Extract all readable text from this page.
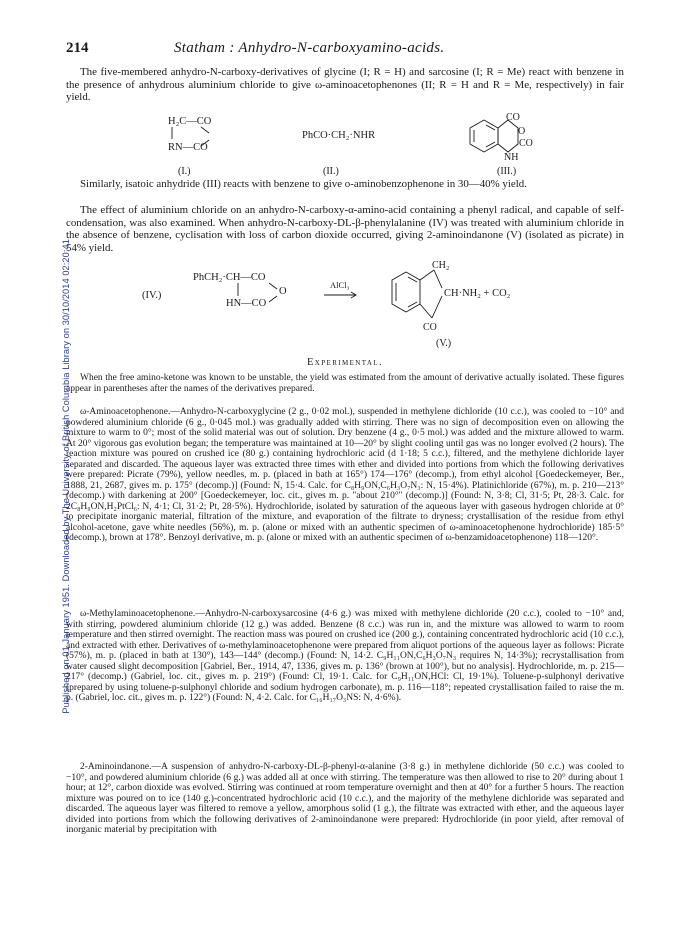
Published on 01 January 1951. Downloaded by The University of British Columbia Library on 30/10/2014 02:20:41.
214	Statham : Anhydro-N-carboxyamino-acids.

The five-membered anhydro-N-carboxy-derivatives of glycine (I; R = H) and sarcosine (I; R = Me) react with benzene in the presence of anhydrous aluminium chloride to give ω-aminoacetophenones (II; R = H and R = Me, respectively) in fair yield.

H₂C—CO
RN—CO
(I.)
PhCO·CH₂·NHR
(II.)
CO
O
CO
NH
(III.)

Similarly, isatoic anhydride (III) reacts with benzene to give o-aminobenzophenone in 30—40% yield.

The effect of aluminium chloride on an anhydro-N-carboxy-α-amino-acid containing a phenyl radical, and capable of self-condensation, was also examined. When anhydro-N-carboxy-DL-β-phenylalanine (IV) was treated with aluminium chloride in the absence of benzene, cyclisation with loss of carbon dioxide occurred, giving 2-aminoindanone (V) (isolated as picrate) in 54% yield.

(IV.)
PhCH₂·CH—CO
O
HN—CO
AlCl₃
CH₂
CH·NH₂ + CO₂
CO
(V.)
Experimental.

When the free amino-ketone was known to be unstable, the yield was estimated from the amount of derivative actually isolated. These figures appear in parentheses after the names of the derivatives prepared.

ω-Aminoacetophenone.—Anhydro-N-carboxyglycine (2 g., 0·02 mol.), suspended in methylene dichloride (10 c.c.), was cooled to −10° and powdered aluminium chloride (6 g., 0·045 mol.) was gradually added with stirring. There was no sign of decomposition even on allowing the mixture to warm to 0°; most of the solid material was out of solution. Dry benzene (4 g., 0·5 mol.) was added and the mixture allowed to warm. At 20° vigorous gas evolution began; the temperature was maintained at 10—20° by slight cooling until gas was no longer evolved (2 hours). The reaction mixture was poured on crushed ice (80 g.) containing hydrochloric acid (d 1·18; 5 c.c.), filtered, and the methylene dichloride layer separated and discarded. The aqueous layer was extracted three times with ether and divided into portions from which the following derivatives were prepared: Picrate (79%), yellow needles, m. p. (placed in bath at 165°) 174—176° (decomp.), from ethyl alcohol [Goedeckemeyer, Ber., 1888, 21, 2687, gives m. p. 175° (decomp.)] (Found: N, 15·4. Calc. for C₈H₉ON,C₆H₃O₇N₃: N, 15·4%). Platinichloride (67%), m. p. 210—213° (decomp.) with darkening at 200° [Goedeckemeyer, loc. cit., gives m. p. "about 210°" (decomp.)] (Found: N, 3·8; Cl, 31·5; Pt, 28·3. Calc. for 2C₈H₉ON,H₂PtCl₆: N, 4·1; Cl, 31·2; Pt, 28·5%). Hydrochloride, isolated by saturation of the aqueous layer with gaseous hydrogen chloride at 0° to precipitate inorganic material, filtration of the mixture, and evaporation of the filtrate to dryness; crystallisation of the residue from ethyl alcohol-acetone, gave white needles (56%), m. p. (alone or mixed with an authentic specimen of ω-aminoacetophenone hydrochloride) 185·5° (decomp.), brown at 178°. Benzoyl derivative, m. p. (alone or mixed with an authentic specimen of ω-benzamidoacetophenone) 118—120°.

ω-Methylaminoacetophenone.—Anhydro-N-carboxysarcosine (4·6 g.) was mixed with methylene dichloride (20 c.c.), cooled to −10° and, with stirring, powdered aluminium chloride (12 g.) was added. Benzene (8 c.c.) was run in, and the mixture was allowed to warm to room temperature and then stirred overnight. The reaction mass was poured on crushed ice (200 g.), containing concentrated hydrochloric acid (10 c.c.), and extracted with ether. Derivatives of ω-methylaminoacetophenone were prepared from aliquot portions of the aqueous layer as follows: Picrate (57%), m. p. (placed in bath at 130°), 143—144° (decomp.) (Found: N, 14·2. C₉H₁₁ON,C₆H₃O₇N₃ requires N, 14·3%); recrystallisation from water caused slight decomposition [Gabriel, Ber., 1914, 47, 1336, gives m. p. 136° (brown at 100°), but no analysis]. Hydrochloride, m. p. 215—217° (decomp.) (Gabriel, loc. cit., gives m. p. 219°) (Found: Cl, 19·1. Calc. for C₉H₁₁ON,HCl: Cl, 19·1%). Toluene-p-sulphonyl derivative (prepared by using toluene-p-sulphonyl chloride and sodium hydrogen carbonate), m. p. 116—118°; repeated crystallisation failed to raise the m. p. (Gabriel, loc. cit., gives m. p. 122°) (Found: N, 4·2. Calc. for C₁₆H₁₇O₃NS: N, 4·6%).

2-Aminoindanone.—A suspension of anhydro-N-carboxy-DL-β-phenyl-α-alanine (3·8 g.) in methylene dichloride (50 c.c.) was cooled to −10°, and powdered aluminium chloride (6 g.) was added all at once with stirring. The temperature was then allowed to rise to 20° during about 1 hour; at 12°, carbon dioxide was evolved. Stirring was continued at room temperature overnight and then at 40° for a further 5 hours. The reaction mixture was poured on to ice (140 g.)-concentrated hydrochloric acid (10 c.c.), and the majority of the methylene dichloride was separated and discarded. The aqueous layer was filtered to remove a yellow, amorphous solid (1 g.), the filtrate was extracted with ether, and the aqueous layer divided into portions from which the following derivatives of 2-aminoindanone were prepared: Hydrochloride (in poor yield, after removal of inorganic material by precipitation with
